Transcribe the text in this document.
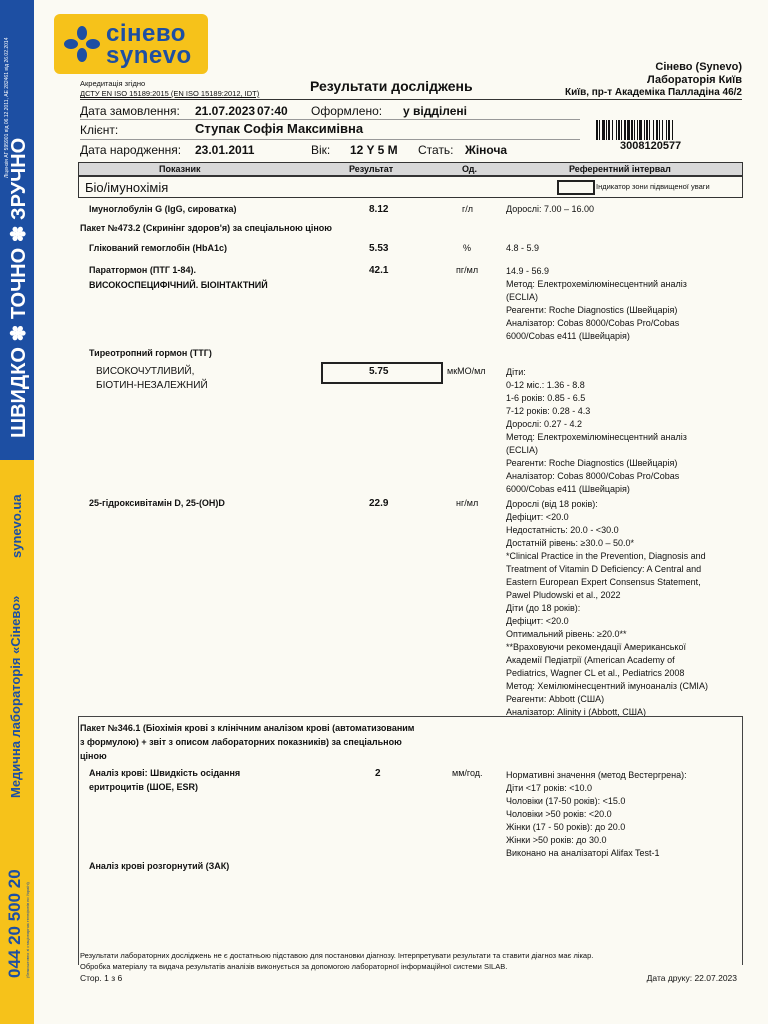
Ліцензія АГ 595901 від 06.12.2011, АЕ 282461 від 26.02.2014
ШВИДКО ✽ ТОЧНО ✽ ЗРУЧНО
synevo.ua
Медична лабораторія «Сінево»
044 20 500 20 (безкоштовно зі стаціонарних телефонів по Україні)
сінево
synevo
Акредитація згідно
ДСТУ EN ISO 15189:2015 (EN ISO 15189:2012, IDT)	Результати досліджень
Сінево (Synevo)
Лабораторія Київ
Київ, пр-т Академіка Палладіна 46/2
Дата замовлення: 21.07.2023 07:40 Оформлено: у відділені
Клієнт:	Ступак Софія Максимівна
Дата народження: 23.01.2011	Вік: 12 Y 5 M Стать: Жіноча	3008120577
Показник	Результат	Од.	Референтний інтервал
Біо/імунохімія	Індикатор зони підвищеної уваги
Імуноглобулін G (IgG, сироватка)	8.12	г/л	Дорослі: 7.00 – 16.00
Пакет №473.2 (Скринінг здоров'я) за спеціальною ціною
Глікований гемоглобін (HbA1c)	5.53	%	4.8 - 5.9
Паратгормон (ПТГ 1-84).
ВИСОКОСПЕЦИФІЧНИЙ. БІОІНТАКТНИЙ
42.1	пг/мл	14.9 - 56.9
Метод: Електрохемілюмінесцентний аналіз
(ECLIA)
Реагенти: Roche Diagnostics (Швейцарія)
Аналізатор: Cobas 8000/Cobas Pro/Cobas
6000/Cobas e411 (Швейцарія)
Тиреотропний гормон (ТТГ)
ВИСОКОЧУТЛИВИЙ,
БІОТИН-НЕЗАЛЕЖНИЙ
5.75	мкМО/мл Діти:
0-12 міс.: 1.36 - 8.8
1-6 років: 0.85 - 6.5
7-12 років: 0.28 - 4.3
Дорослі: 0.27 - 4.2
Метод: Електрохемілюмінесцентний аналіз
(ECLIA)
Реагенти: Roche Diagnostics (Швейцарія)
Аналізатор: Cobas 8000/Cobas Pro/Cobas
6000/Cobas e411 (Швейцарія)
25-гідроксивітамін D, 25-(OH)D	22.9	нг/мл	Дорослі (від 18 років):
Дефіцит: <20.0
Недостатність: 20.0 - <30.0
Достатній рівень: ≥30.0 – 50.0*
*Clinical Practice in the Prevention, Diagnosis and
Treatment of Vitamin D Deficiency: A Central and
Eastern European Expert Consensus Statement,
Pawel Pludowski et al., 2022
Діти (до 18 років):
Дефіцит: <20.0
Оптимальний рівень: ≥20.0**
**Враховуючи рекомендації Американської
Академії Педіатрії (American Academy of
Pediatrics, Wagner CL et al., Pediatrics 2008
Метод: Хемілюмінесцентний імуноаналіз (CMIA)
Реагенти: Abbott (США)
Аналізатор: Alinity i (Abbott, США)
Пакет №346.1 (Біохімія крові з клінічним аналізом крові (автоматизованим
з формулою) + звіт з описом лабораторних показників) за спеціальною
ціною
Аналіз крові: Швидкість осідання
еритроцитів (ШОЕ, ESR)
2	мм/год.	Нормативні значення (метод Вестергрена):
Діти <17 років: <10.0
Чоловіки (17-50 років): <15.0
Чоловіки >50 років: <20.0
Жінки (17 - 50 років): до 20.0
Жінки >50 років: до 30.0
Виконано на аналізаторі Alifax Test-1
Аналіз крові розгорнутий (ЗАК)
Результати лабораторних досліджень не є достатньою підставою для постановки діагнозу. Інтерпретувати результати та ставити діагноз має лікар.
Обробка матеріалу та видача результатів аналізів виконується за допомогою лабораторної інформаційної системи SILAB.
Стор. 1 з 6	Дата друку: 22.07.2023
